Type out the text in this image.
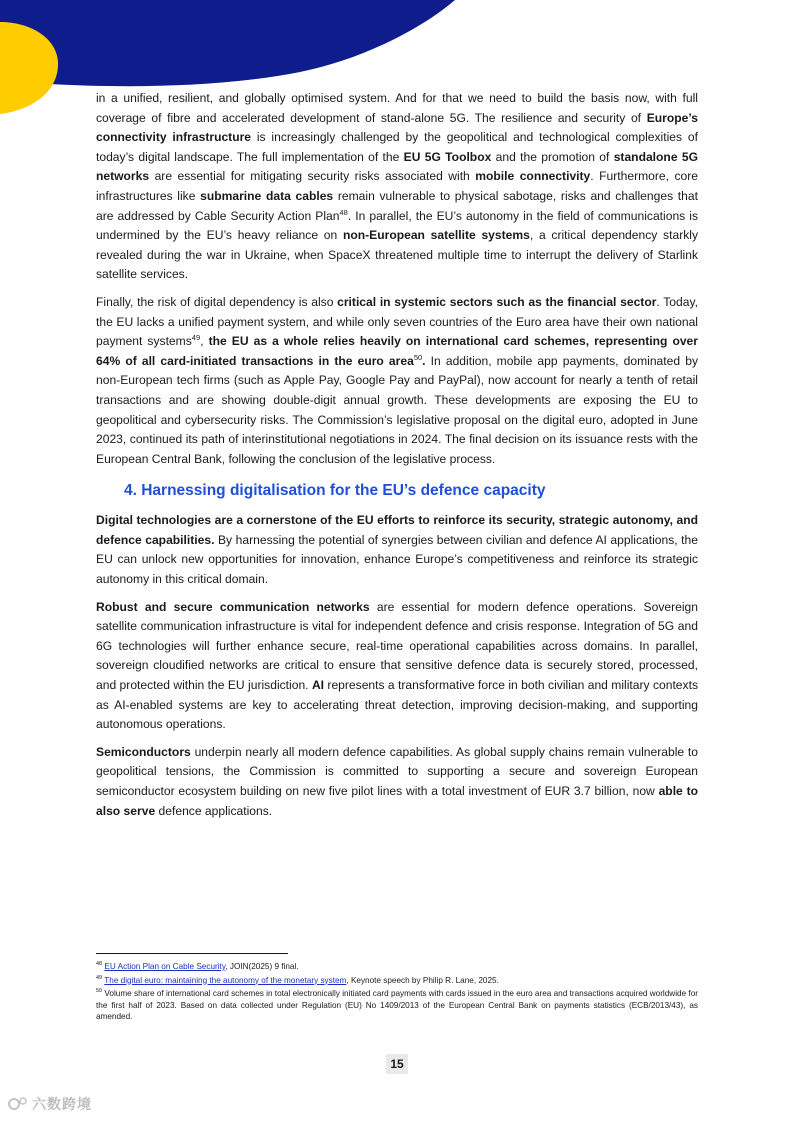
in a unified, resilient, and globally optimised system. And for that we need to build the basis now, with full coverage of fibre and accelerated development of stand-alone 5G. The resilience and security of Europe’s connectivity infrastructure is increasingly challenged by the geopolitical and technological complexities of today’s digital landscape. The full implementation of the EU 5G Toolbox and the promotion of standalone 5G networks are essential for mitigating security risks associated with mobile connectivity. Furthermore, core infrastructures like submarine data cables remain vulnerable to physical sabotage, risks and challenges that are addressed by Cable Security Action Plan$^{48}$. In parallel, the EU’s autonomy in the field of communications is undermined by the EU’s heavy reliance on non-European satellite systems, a critical dependency starkly revealed during the war in Ukraine, when SpaceX threatened multiple time to interrupt the delivery of Starlink satellite services.

Finally, the risk of digital dependency is also critical in systemic sectors such as the financial sector. Today, the EU lacks a unified payment system, and while only seven countries of the Euro area have their own national payment systems$^{49}$, the EU as a whole relies heavily on international card schemes, representing over 64% of all card-initiated transactions in the euro area$^{50}$. In addition, mobile app payments, dominated by non-European tech firms (such as Apple Pay, Google Pay and PayPal), now account for nearly a tenth of retail transactions and are showing double-digit annual growth. These developments are exposing the EU to geopolitical and cybersecurity risks. The Commission’s legislative proposal on the digital euro, adopted in June 2023, continued its path of interinstitutional negotiations in 2024. The final decision on its issuance rests with the European Central Bank, following the conclusion of the legislative process.

4. Harnessing digitalisation for the EU’s defence capacity

Digital technologies are a cornerstone of the EU efforts to reinforce its security, strategic autonomy, and defence capabilities. By harnessing the potential of synergies between civilian and defence AI applications, the EU can unlock new opportunities for innovation, enhance Europe’s competitiveness and reinforce its strategic autonomy in this critical domain.

Robust and secure communication networks are essential for modern defence operations. Sovereign satellite communication infrastructure is vital for independent defence and crisis response. Integration of 5G and 6G technologies will further enhance secure, real-time operational capabilities across domains. In parallel, sovereign cloudified networks are critical to ensure that sensitive defence data is securely stored, processed, and protected within the EU jurisdiction. AI represents a transformative force in both civilian and military contexts as AI-enabled systems are key to accelerating threat detection, improving decision-making, and supporting autonomous operations.

Semiconductors underpin nearly all modern defence capabilities. As global supply chains remain vulnerable to geopolitical tensions, the Commission is committed to supporting a secure and sovereign European semiconductor ecosystem building on new five pilot lines with a total investment of EUR 3.7 billion, now able to also serve defence applications.

$^{48}$ EU Action Plan on Cable Security, JOIN(2025) 9 final.

$^{49}$ The digital euro: maintaining the autonomy of the monetary system, Keynote speech by Philip R. Lane, 2025.

$^{50}$ Volume share of international card schemes in total electronically initiated card payments with cards issued in the euro area and transactions acquired worldwide for the first half of 2023. Based on data collected under Regulation (EU) No 1409/2013 of the European Central Bank on payments statistics (ECB/2013/43), as amended.

15
六数跨境
